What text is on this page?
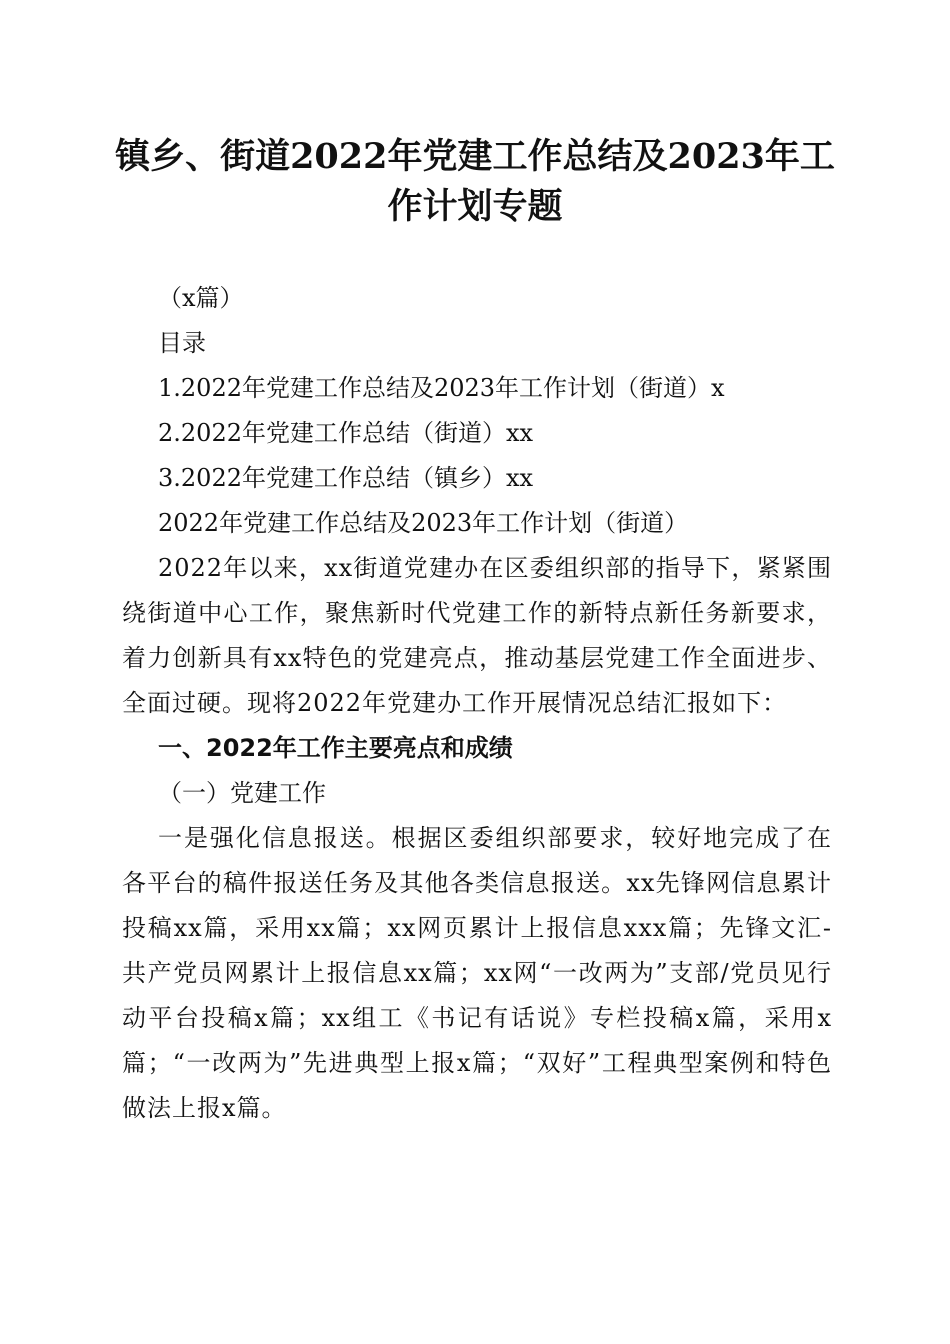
镇乡、街道2022年党建工作总结及2023年工
作计划专题

（x篇）

目录

1.2022年党建工作总结及2023年工作计划（街道）x

2.2022年党建工作总结（街道）xx

3.2022年党建工作总结（镇乡）xx

2022年党建工作总结及2023年工作计划（街道）

2022年以来，xx街道党建办在区委组织部的指导下，紧紧围绕街道中心工作，聚焦新时代党建工作的新特点新任务新要求，着力创新具有xx特色的党建亮点，推动基层党建工作全面进步、全面过硬。现将2022年党建办工作开展情况总结汇报如下：

一、2022年工作主要亮点和成绩

（一）党建工作

一是强化信息报送。根据区委组织部要求，较好地完成了在各平台的稿件报送任务及其他各类信息报送。xx先锋网信息累计投稿xx篇，采用xx篇；xx网页累计上报信息xxx篇；先锋文汇-共产党员网累计上报信息xx篇；xx网“一改两为”支部/党员见行动平台投稿x篇；xx组工《书记有话说》专栏投稿x篇，采用x篇；“一改两为”先进典型上报x篇；“双好”工程典型案例和特色做法上报x篇。
